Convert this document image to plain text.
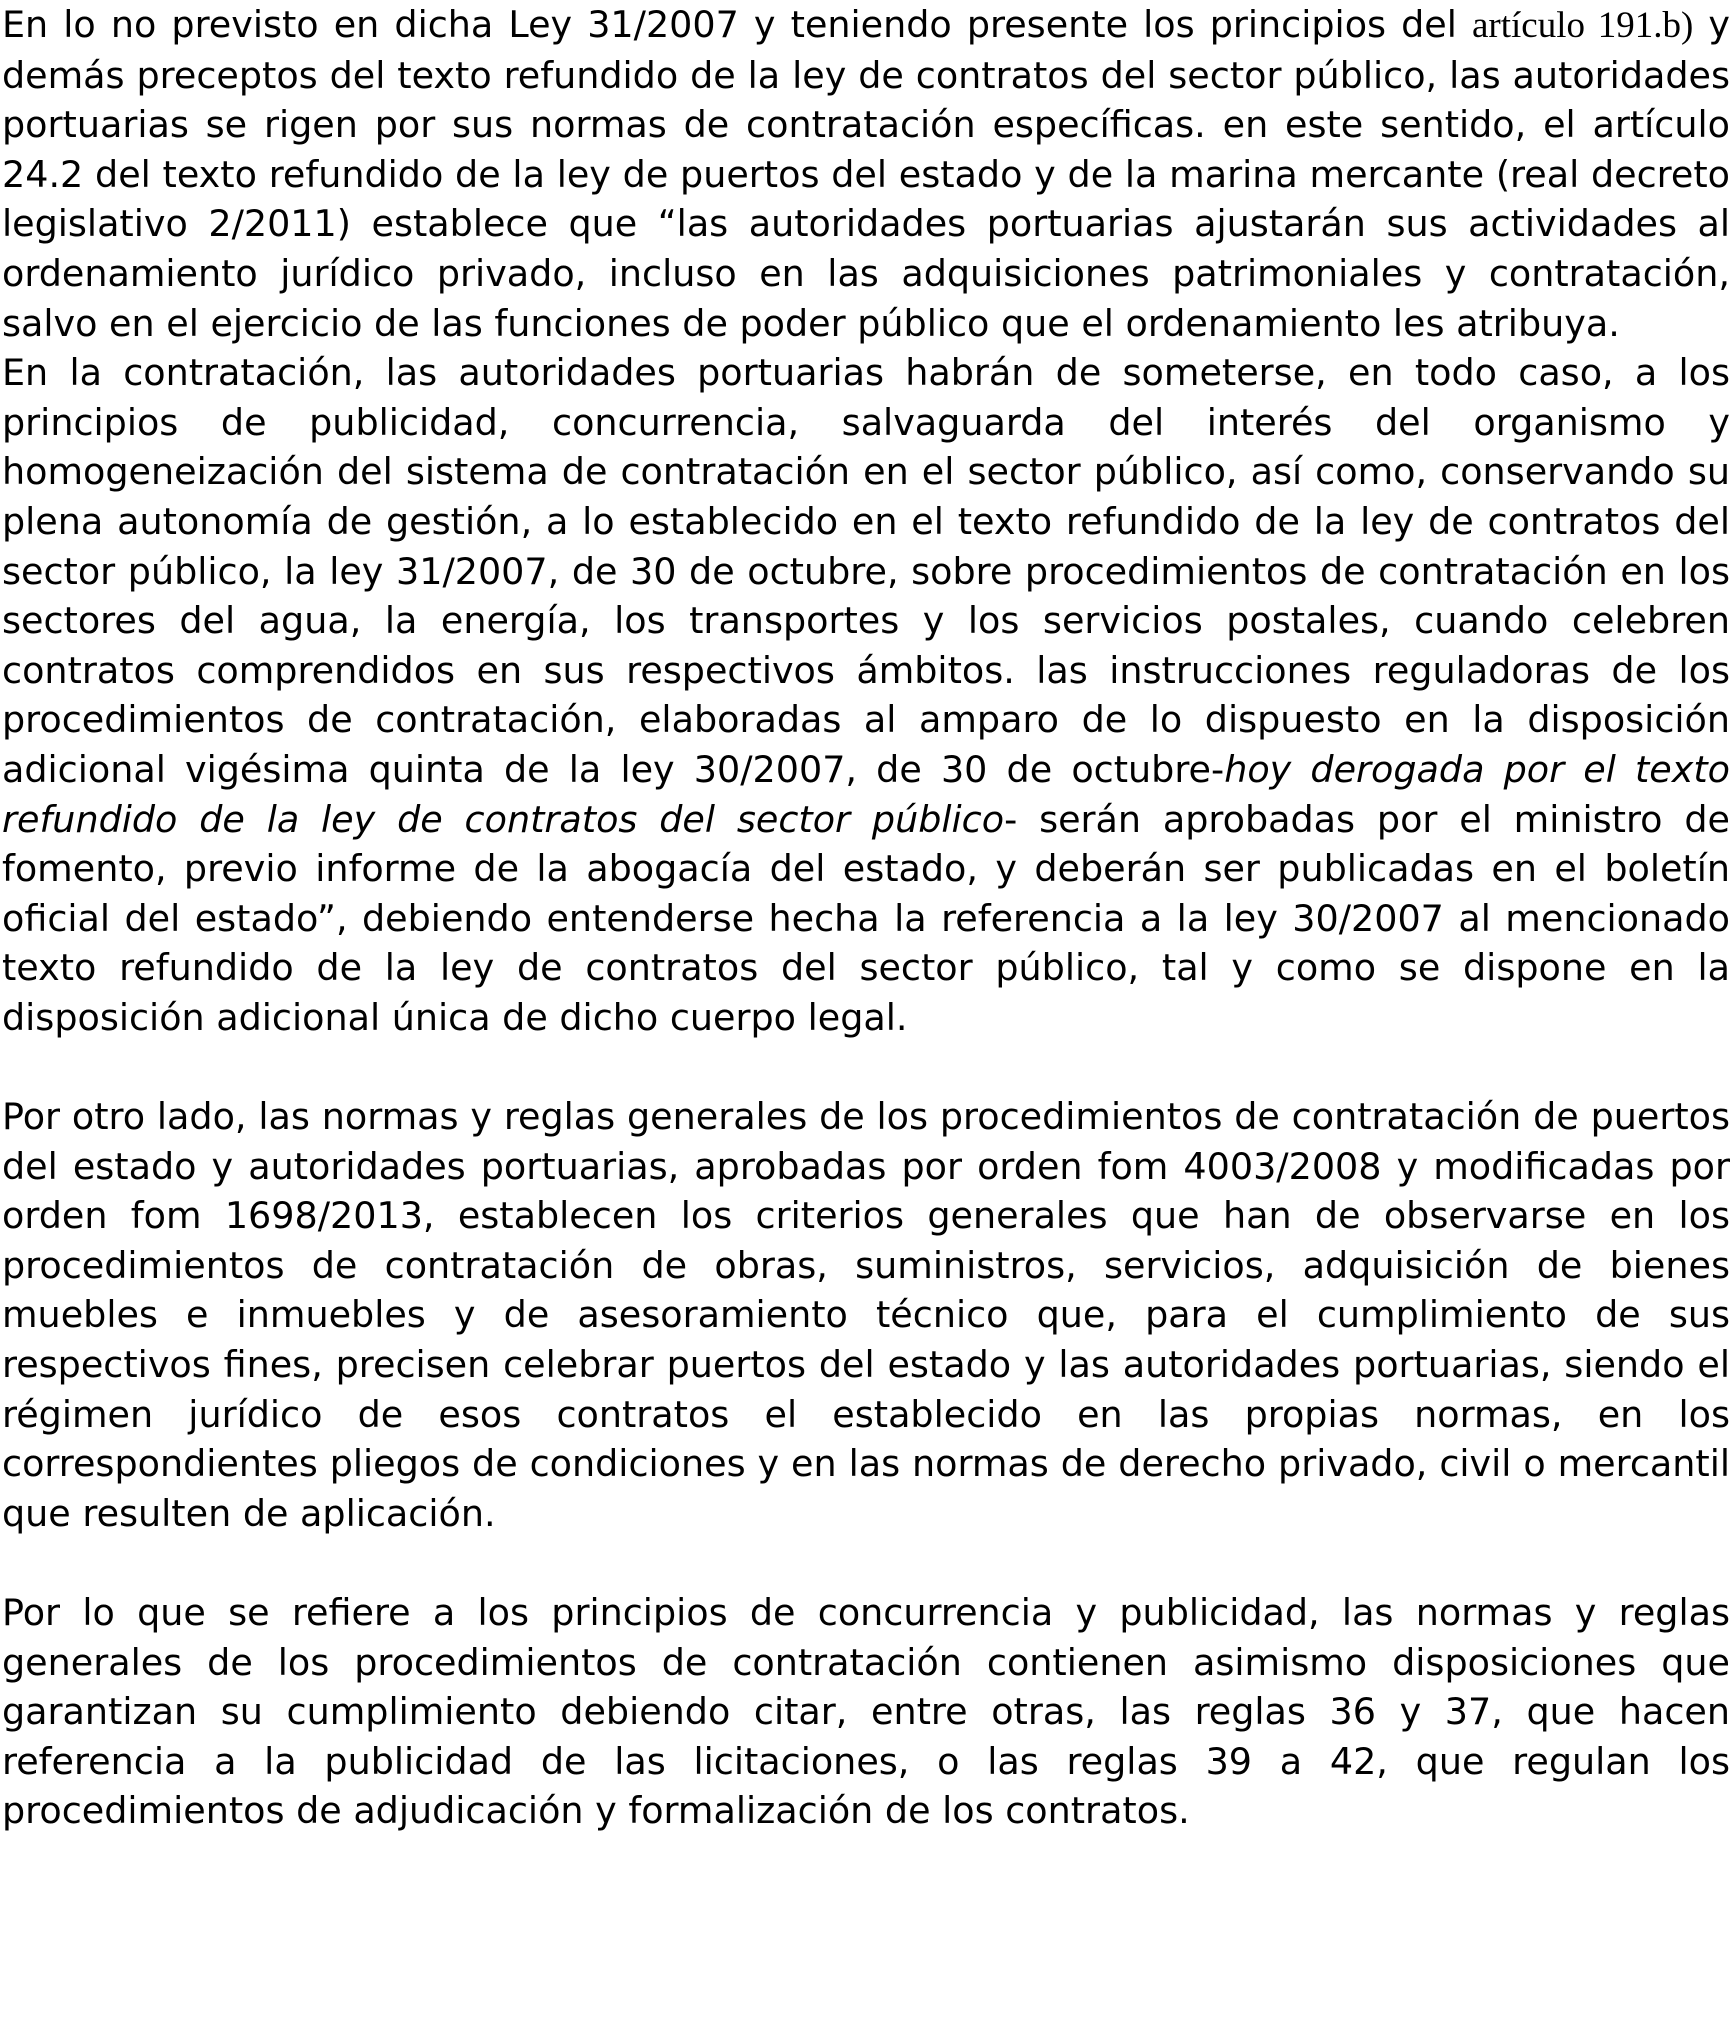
En lo no previsto en dicha Ley 31/2007 y teniendo presente los principios del artículo 191.b) y demás preceptos del texto refundido de la ley de contratos del sector público, las autoridades portuarias se rigen por sus normas de contratación específicas. en este sentido, el artículo 24.2 del texto refundido de la ley de puertos del estado y de la marina mercante (real decreto legislativo 2/2011) establece que “las autoridades portuarias ajustarán sus actividades al ordenamiento jurídico privado, incluso en las adquisiciones patrimoniales y contratación, salvo en el ejercicio de las funciones de poder público que el ordenamiento les atribuya.

En la contratación, las autoridades portuarias habrán de someterse, en todo caso, a los principios de publicidad, concurrencia, salvaguarda del interés del organismo y homogeneización del sistema de contratación en el sector público, así como, conservando su plena autonomía de gestión, a lo establecido en el texto refundido de la ley de contratos del sector público, la ley 31/2007, de 30 de octubre, sobre procedimientos de contratación en los sectores del agua, la energía, los transportes y los servicios postales, cuando celebren contratos comprendidos en sus respectivos ámbitos. las instrucciones reguladoras de los procedimientos de contratación, elaboradas al amparo de lo dispuesto en la disposición adicional vigésima quinta de la ley 30/2007, de 30 de octubre-hoy derogada por el texto refundido de la ley de contratos del sector público- serán aprobadas por el ministro de fomento, previo informe de la abogacía del estado, y deberán ser publicadas en el boletín oficial del estado”, debiendo entenderse hecha la referencia a la ley 30/2007 al mencionado texto refundido de la ley de contratos del sector público, tal y como se dispone en la disposición adicional única de dicho cuerpo legal.

Por otro lado, las normas y reglas generales de los procedimientos de contratación de puertos del estado y autoridades portuarias, aprobadas por orden fom 4003/2008 y modificadas por orden fom 1698/2013, establecen los criterios generales que han de observarse en los procedimientos de contratación de obras, suministros, servicios, adquisición de bienes muebles e inmuebles y de asesoramiento técnico que, para el cumplimiento de sus respectivos fines, precisen celebrar puertos del estado y las autoridades portuarias, siendo el régimen jurídico de esos contratos el establecido en las propias normas, en los correspondientes pliegos de condiciones y en las normas de derecho privado, civil o mercantil que resulten de aplicación.

Por lo que se refiere a los principios de concurrencia y publicidad, las normas y reglas generales de los procedimientos de contratación contienen asimismo disposiciones que garantizan su cumplimiento debiendo citar, entre otras, las reglas 36 y 37, que hacen referencia a la publicidad de las licitaciones, o las reglas 39 a 42, que regulan los procedimientos de adjudicación y formalización de los contratos.
